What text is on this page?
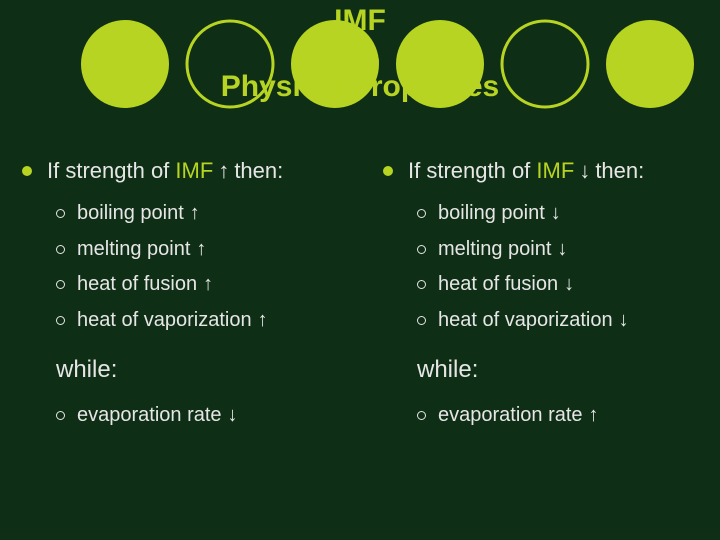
IMF
vs.
Physical Properties
If strength of
IMF ↑ then:
boiling point ↑
melting point ↑
heat of fusion ↑
heat of vaporization ↑
while:
evaporation rate ↓
If strength of
IMF ↓ then:
boiling point ↓
melting point ↓
heat of fusion ↓
heat of vaporization ↓
while:
evaporation rate ↑
